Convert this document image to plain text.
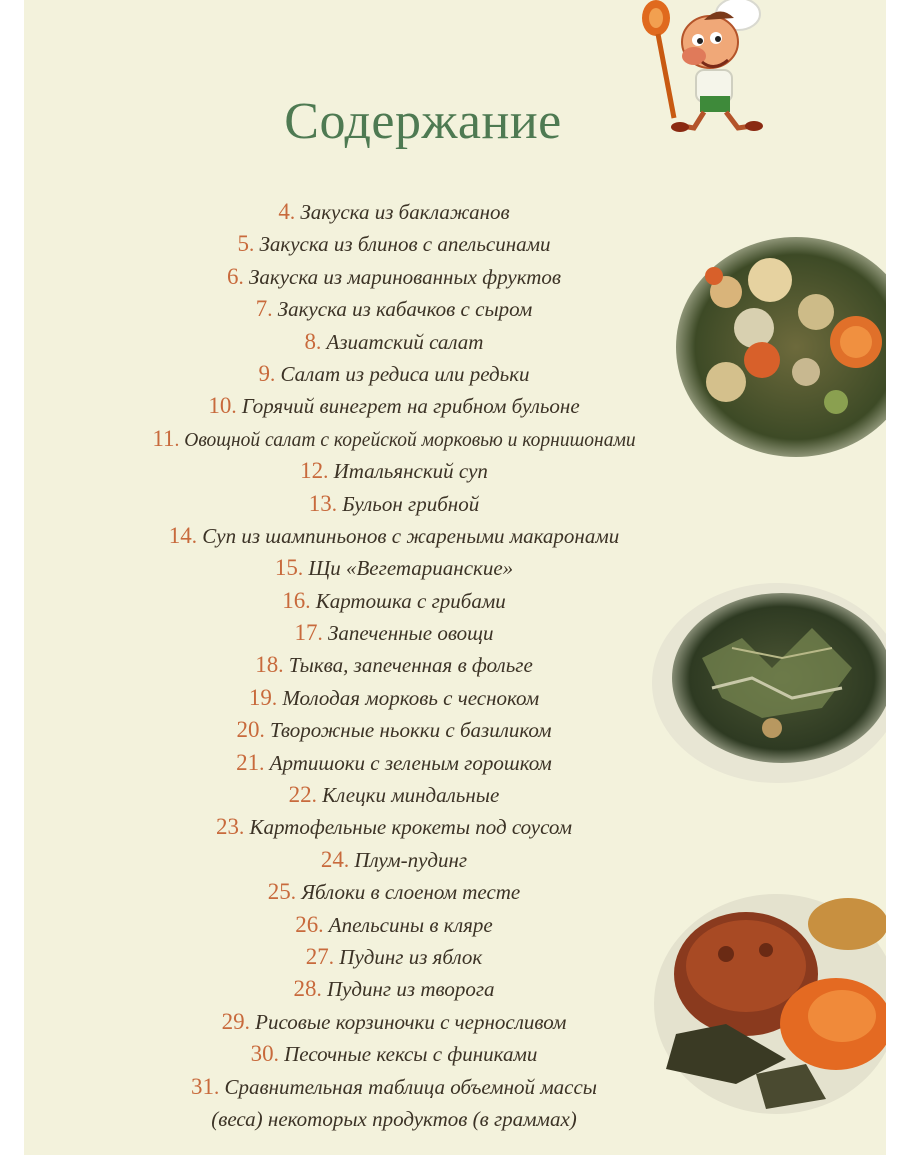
Содержание
4. Закуска из баклажанов
5. Закуска из блинов с апельсинами
6. Закуска из маринованных фруктов
7. Закуска из кабачков с сыром
8. Азиатский салат
9. Салат из редиса или редьки
10. Горячий винегрет на грибном бульоне
11. Овощной салат с корейской морковью и корнишонами
12. Итальянский суп
13. Бульон грибной
14. Суп из шампиньонов с жареными макаронами
15. Щи «Вегетарианские»
16. Картошка с грибами
17. Запеченные овощи
18. Тыква, запеченная в фольге
19. Молодая морковь с чесноком
20. Творожные ньокки с базиликом
21. Артишоки с зеленым горошком
22. Клецки миндальные
23. Картофельные крокеты под соусом
24. Плум-пудинг
25. Яблоки в слоеном тесте
26. Апельсины в кляре
27. Пудинг из яблок
28. Пудинг из творога
29. Рисовые корзиночки с черносливом
30. Песочные кексы с финиками
31. Сравнительная таблица объемной массы
(веса) некоторых продуктов (в граммах)
